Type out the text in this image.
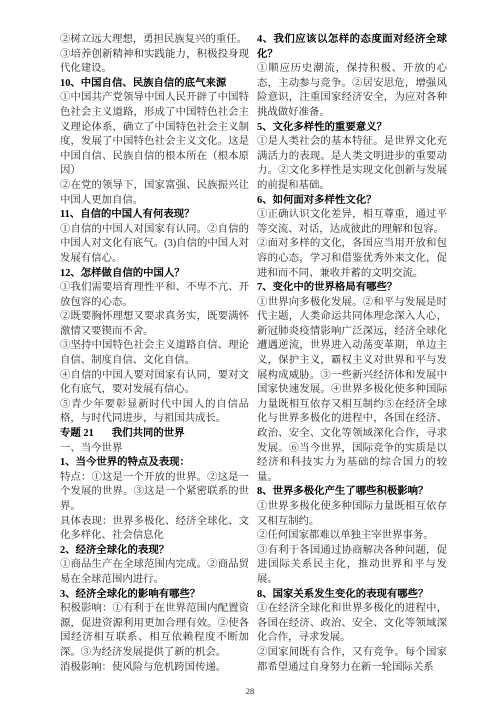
②树立远大理想，勇担民族复兴的重任。

③培养创新精神和实践能力，积极投身现代化建设。

10、中国自信、民族自信的底气来源

①中国共产党领导中国人民开辟了中国特色社会主义道路，形成了中国特色社会主义理论体系，确立了中国特色社会主义制度，发展了中国特色社会主义文化。这是中国自信、民族自信的根本所在（根本原因）

②在党的领导下，国家富强、民族振兴让中国人更加自信。

11、自信的中国人有何表现？

①自信的中国人对国家有认同。②自信的中国人对文化有底气。(3)自信的中国人对发展有信心。

12、怎样做自信的中国人？

①我们需要培育理性平和、不卑不亢、开放包容的心态。

②既要胸怀理想又要求真务实，既要满怀激情又要锲而不舍。

③坚持中国特色社会主义道路自信、理论自信、制度自信、文化自信。

④自信的中国人要对国家有认同，要对文化有底气，要对发展有信心。

⑤青少年要彰显新时代中国人的自信品格，与时代同进步，与祖国共成长。

专题 21 我们共同的世界

一、当今世界

1、当今世界的特点及表现：

特点：①这是一个开放的世界。②这是一个发展的世界。③这是一个紧密联系的世界。

具体表现：世界多极化、经济全球化、文化多样化、社会信息化

2、经济全球化的表现？

①商品生产在全球范围内完成。②商品贸易在全球范围内进行。

3、经济全球化的影响有哪些？

积极影响：①有利于在世界范围内配置资源，促进资源利用更加合理有效。②使各国经济相互联系、相互依赖程度不断加深。③为经济发展提供了新的机会。

消极影响：使风险与危机跨国传递。

4、我们应该以怎样的态度面对经济全球化？

①顺应历史潮流，保持积极、开放的心态，主动参与竞争。②居安思危，增强风险意识，注重国家经济安全，为应对各种挑战做好准备。

5、文化多样性的重要意义？

①是人类社会的基本特征。是世界文化充满活力的表现。是人类文明进步的重要动力。②文化多样性是实现文化创新与发展的前提和基础。

6、如何面对多样性文化？

①正确认识文化差异，相互尊重，通过平等交流、对话，达成彼此的理解和包容。

②面对多样的文化，各国应当用开放和包容的心态，学习和借鉴优秀外来文化，促进和而不同、兼收并蓄的文明交流。

7、变化中的世界格局有哪些？

①世界向多极化发展。②和平与发展是时代主题，人类命运共同体理念深入人心，新冠肺炎疫情影响广泛深远，经济全球化遭遇逆流，世界进入动荡变革期，单边主义，保护主义，霸权主义对世界和平与发展构成威胁。③一些新兴经济体和发展中国家快速发展。④世界多极化使多种国际力量既相互依存又相互制约⑤在经济全球化与世界多极化的进程中，各国在经济、政治、安全、文化等领域深化合作，寻求发展。⑥当今世界，国际竞争的实质是以经济和科技实力为基础的综合国力的较量。

8、世界多极化产生了哪些积极影响？

①世界多极化使多种国际力量既相互依存又相互制约。

②任何国家都难以单独主宰世界事务。

③有利于各国通过协商解决各种问题，促进国际关系民主化，推动世界和平与发展。

8、国家关系发生变化的表现有哪些？

①在经济全球化和世界多极化的进程中，各国在经济、政治、安全、文化等领域深化合作，寻求发展。

②国家间既有合作，又有竞争。每个国家都希望通过自身努力在新一轮国际关系

28
